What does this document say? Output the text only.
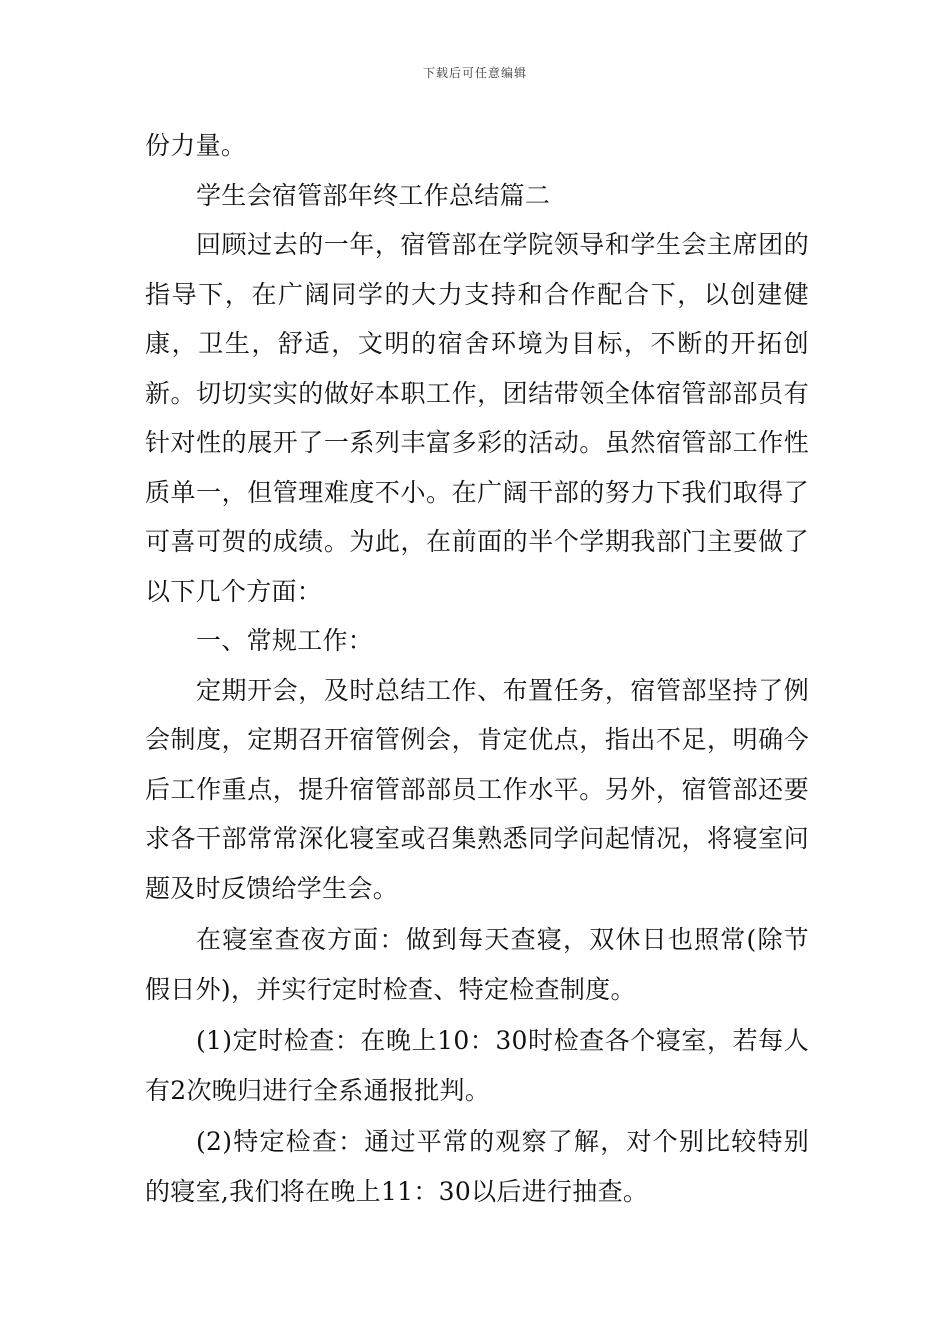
下载后可任意编辑

份力量。

学生会宿管部年终工作总结篇二

回顾过去的一年，宿管部在学院领导和学生会主席团的指导下，在广阔同学的大力支持和合作配合下，以创建健康，卫生，舒适，文明的宿舍环境为目标，不断的开拓创新。切切实实的做好本职工作，团结带领全体宿管部部员有针对性的展开了一系列丰富多彩的活动。虽然宿管部工作性质单一，但管理难度不小。在广阔干部的努力下我们取得了可喜可贺的成绩。为此，在前面的半个学期我部门主要做了以下几个方面：

一、常规工作：

定期开会，及时总结工作、布置任务，宿管部坚持了例会制度，定期召开宿管例会，肯定优点，指出不足，明确今后工作重点，提升宿管部部员工作水平。另外，宿管部还要求各干部常常深化寝室或召集熟悉同学问起情况，将寝室问题及时反馈给学生会。

在寝室查夜方面：做到每天查寝，双休日也照常(除节假日外)，并实行定时检查、特定检查制度。

(1)定时检查：在晚上10：30时检查各个寝室，若每人有2次晚归进行全系通报批判。

(2)特定检查：通过平常的观察了解，对个别比较特别的寝室,我们将在晚上11：30以后进行抽查。
